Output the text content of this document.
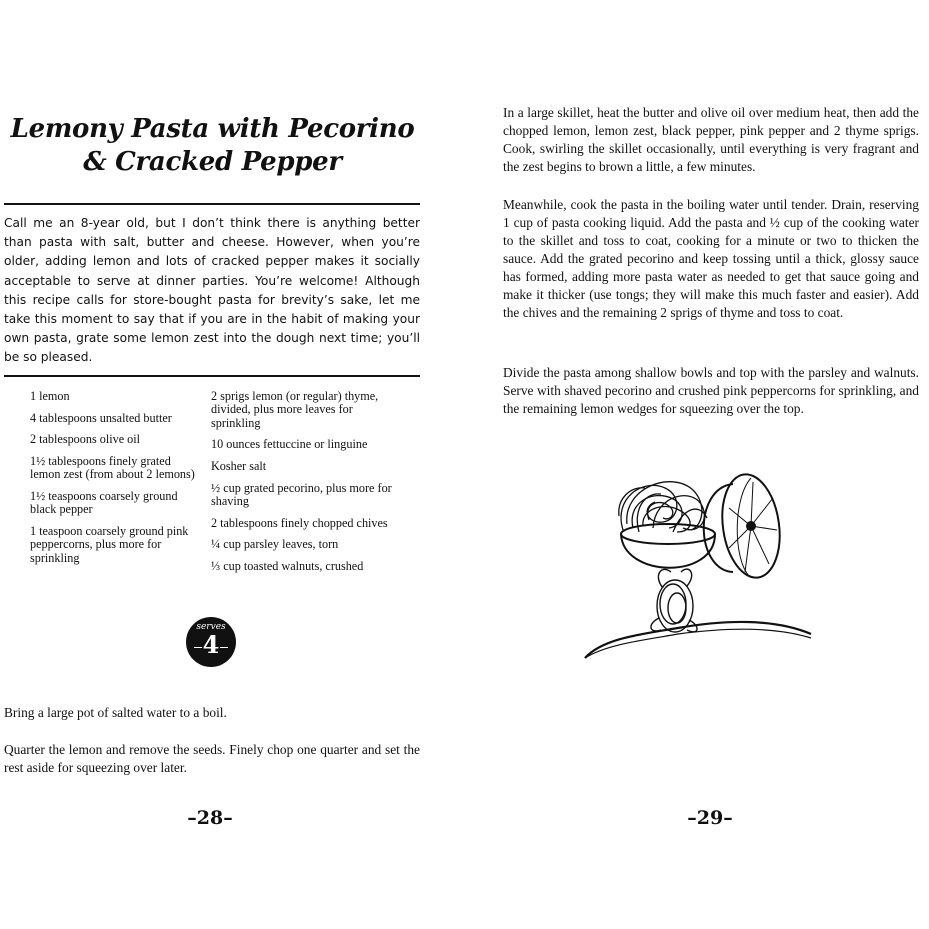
Lemony Pasta with Pecorino
& Cracked Pepper

Call me an 8-year old, but I don’t think there is anything better than pasta with salt, butter and cheese. However, when you’re older, adding lemon and lots of cracked pepper makes it socially acceptable to serve at dinner parties. You’re welcome! Although this recipe calls for store-bought pasta for brevity’s sake, let me take this moment to say that if you are in the habit of making your own pasta, grate some lemon zest into the dough next time; you’ll be so pleased.

1 lemon
4 tablespoons unsalted butter
2 tablespoons olive oil
1½ tablespoons finely grated lemon zest (from about 2 lemons)
1½ teaspoons coarsely ground black pepper
1 teaspoon coarsely ground pink peppercorns, plus more for sprinkling
2 sprigs lemon (or regular) thyme, divided, plus more leaves for sprinkling
10 ounces fettuccine or linguine
Kosher salt
½ cup grated pecorino, plus more for shaving
2 tablespoons finely chopped chives
¼ cup parsley leaves, torn
⅓ cup toasted walnuts, crushed
serves
4

Bring a large pot of salted water to a boil.

Quarter the lemon and remove the seeds. Finely chop one quarter and set the rest aside for squeezing over later.

–28–

In a large skillet, heat the butter and olive oil over medium heat, then add the chopped lemon, lemon zest, black pepper, pink pepper and 2 thyme sprigs. Cook, swirling the skillet occasionally, until everything is very fragrant and the zest begins to brown a little, a few minutes.

Meanwhile, cook the pasta in the boiling water until tender. Drain, reserving 1 cup of pasta cooking liquid. Add the pasta and ½ cup of the cooking water to the skillet and toss to coat, cooking for a minute or two to thicken the sauce. Add the grated pecorino and keep tossing until a thick, glossy sauce has formed, adding more pasta water as needed to get that sauce going and make it thicker (use tongs; they will make this much faster and easier). Add the chives and the remaining 2 sprigs of thyme and toss to coat.

Divide the pasta among shallow bowls and top with the parsley and walnuts. Serve with shaved pecorino and crushed pink peppercorns for sprinkling, and the remaining lemon wedges for squeezing over the top.

–29–
